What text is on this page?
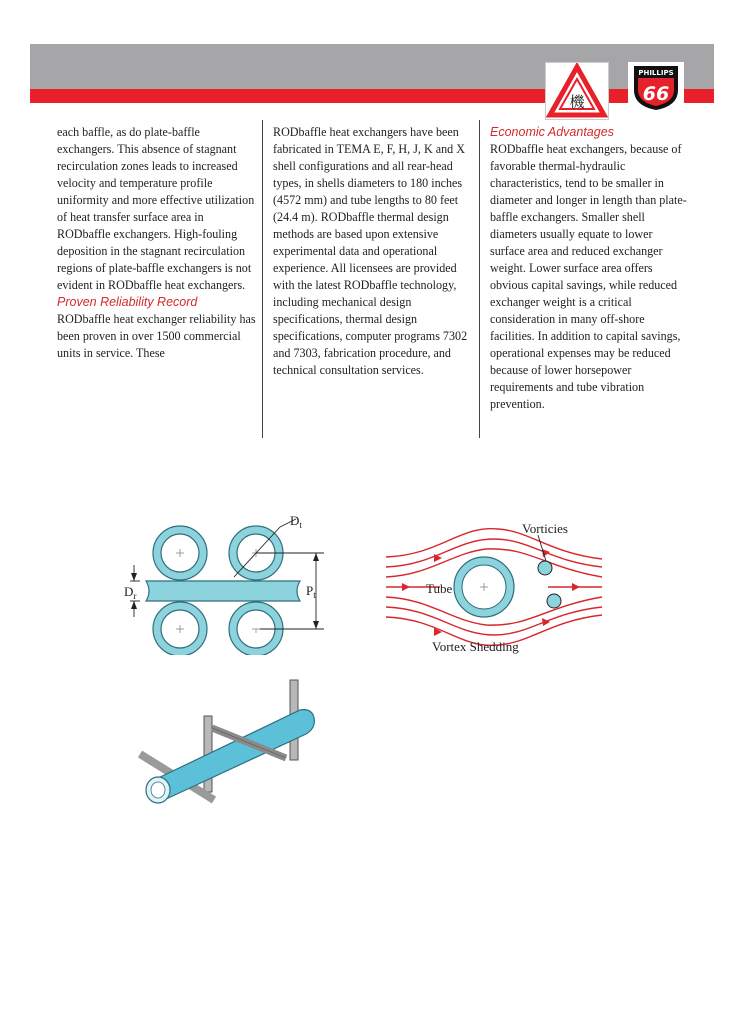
機
PHILLIPS
66

each baffle, as do plate-baffle exchangers. This absence of stagnant recirculation zones leads to increased velocity and temperature profile uniformity and more effective utilization of heat transfer surface area in RODbaffle exchangers. High-fouling deposition in the stagnant recirculation regions of plate-baffle exchangers is not evident in RODbaffle heat exchangers.

Proven Reliability Record

RODbaffle heat exchanger reliability has been proven in over 1500 commercial units in service. These

RODbaffle heat exchangers have been fabricated in TEMA E, F, H, J, K and X shell configurations and all rear-head types, in shells diameters to 180 inches (4572 mm) and tube lengths to 80 feet (24.4 m). RODbaffle thermal design methods are based upon extensive experimental data and operational experience. All licensees are provided with the latest RODbaffle technology, including mechanical design specifications, thermal design specifications, computer programs 7302 and 7303, fabrication procedure, and technical consultation services.

Economic Advantages

RODbaffle heat exchangers, because of favorable thermal-hydraulic characteristics, tend to be smaller in diameter and longer in length than plate-baffle exchangers. Smaller shell diameters usually equate to lower surface area and reduced exchanger weight. Lower surface area offers obvious capital savings, while reduced exchanger weight is a critical consideration in many off-shore facilities. In addition to capital savings, operational expenses may be reduced because of lower horsepower requirements and tube vibration prevention.

$D_t$
$P_t$
$D_r$
Vorticies
Tube
Vortex Shedding
